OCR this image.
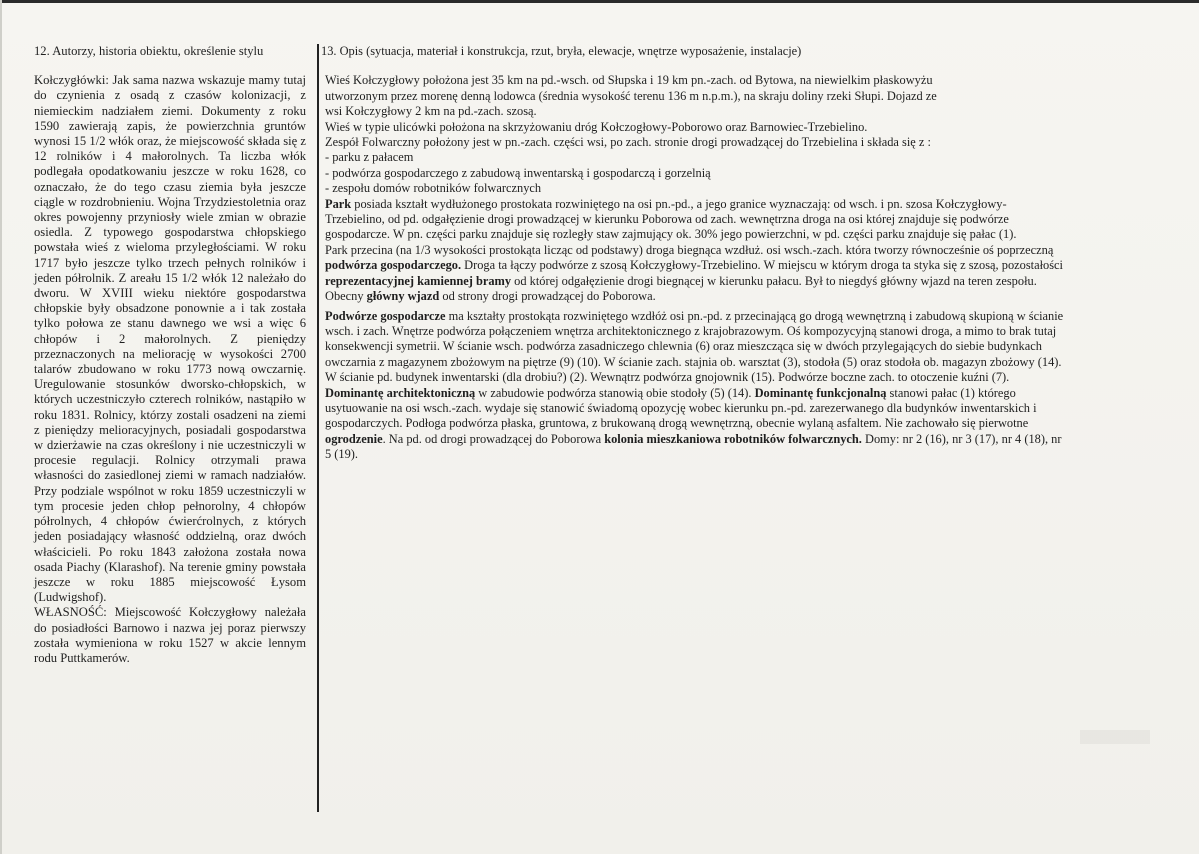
12. Autorzy, historia obiektu, określenie stylu

Kołczygłówki: Jak sama nazwa wskazuje mamy tutaj do czynienia z osadą z czasów kolonizacji, z niemieckim nadziałem ziemi. Dokumenty z roku 1590 zawierają zapis, że powierzchnia gruntów wynosi 15 1/2 włók oraz, że miejscowość składa się z 12 rolników i 4 małorolnych. Ta liczba włók podlegała opodatkowaniu jeszcze w roku 1628, co oznaczało, że do tego czasu ziemia była jeszcze ciągle w rozdrobnieniu. Wojna Trzydziestoletnia oraz okres powojenny przyniosły wiele zmian w obrazie osiedla. Z typowego gospodarstwa chłopskiego powstała wieś z wieloma przyległościami. W roku 1717 było jeszcze tylko trzech pełnych rolników i jeden półrolnik. Z areału 15 1/2 włók 12 należało do dworu. W XVIII wieku niektóre gospodarstwa chłopskie były obsadzone ponownie a i tak została tylko połowa ze stanu dawnego we wsi a więc 6 chłopów i 2 małorolnych. Z pieniędzy przeznaczonych na meliorację w wysokości 2700 talarów zbudowano w roku 1773 nową owczarnię. Uregulowanie stosunków dworsko-chłopskich, w których uczestniczyło czterech rolników, nastąpiło w roku 1831. Rolnicy, którzy zostali osadzeni na ziemi z pieniędzy melioracyjnych, posiadali gospodarstwa w dzierżawie na czas określony i nie uczestniczyli w procesie regulacji. Rolnicy otrzymali prawa własności do zasiedlonej ziemi w ramach nadziałów. Przy podziale wspólnot w roku 1859 uczestniczyli w tym procesie jeden chłop pełnorolny, 4 chłopów półrolnych, 4 chłopów ćwierćrolnych, z których jeden posiadający własność oddzielną, oraz dwóch właścicieli. Po roku 1843 założona została nowa osada Piachy (Klarashof). Na terenie gminy powstała jeszcze w roku 1885 miejscowość Łysom (Ludwigshof).

WŁASNOŚĆ: Miejscowość Kołczygłowy należała do posiadłości Barnowo i nazwa jej poraz pierwszy została wymieniona w roku 1527 w akcie lennym rodu Puttkamerów.

13. Opis (sytuacja, materiał i konstrukcja, rzut, bryła, elewacje, wnętrze wyposażenie, instalacje)

Wieś Kołczygłowy położona jest 35 km na pd.-wsch. od Słupska i 19 km pn.-zach. od Bytowa, na niewielkim płaskowyżu

utworzonym przez morenę denną lodowca (średnia wysokość terenu 136 m n.p.m.), na skraju doliny rzeki Słupi. Dojazd ze

wsi Kołczygłowy 2 km na pd.-zach. szosą.

Wieś w typie ulicówki położona na skrzyżowaniu dróg Kołczogłowy-Poborowo oraz Barnowiec-Trzebielino.

Zespół Folwarczny położony jest w pn.-zach. części wsi, po zach. stronie drogi prowadzącej do Trzebielina i składa się z :

- parku z pałacem

- podwórza gospodarczego z zabudową inwentarską i gospodarczą i gorzelnią

- zespołu domów robotników folwarcznych

Park posiada kształt wydłużonego prostokata rozwiniętego na osi pn.-pd., a jego granice wyznaczają: od wsch. i pn. szosa Kołczygłowy-Trzebielino, od pd. odgałęzienie drogi prowadzącej w kierunku Poborowa od zach. wewnętrzna droga na osi której znajduje się podwórze gospodarcze. W pn. części parku znajduje się rozległy staw zajmujący ok. 30% jego powierzchni, w pd. części parku znajduje się pałac (1).

Park przecina (na 1/3 wysokości prostokąta licząc od podstawy) droga biegnąca wzdłuż. osi wsch.-zach. która tworzy równocześnie oś poprzeczną podwórza gospodarczego. Droga ta łączy podwórze z szosą Kołczygłowy-Trzebielino. W miejscu w którym droga ta styka się z szosą, pozostałości reprezentacyjnej kamiennej bramy od której odgałęzienie drogi biegnącej w kierunku pałacu. Był to niegdyś główny wjazd na teren zespołu. Obecny główny wjazd od strony drogi prowadzącej do Poborowa.

Podwórze gospodarcze ma kształty prostokąta rozwiniętego wzdłóż osi pn.-pd. z przecinającą go drogą wewnętrzną i zabudową skupioną w ścianie wsch. i zach. Wnętrze podwórza połączeniem wnętrza architektonicznego z krajobrazowym. Oś kompozycyjną stanowi droga, a mimo to brak tutaj konsekwencji symetrii. W ścianie wsch. podwórza zasadniczego chlewnia (6) oraz mieszcząca się w dwóch przylegających do siebie budynkach owczarnia z magazynem zbożowym na piętrze (9) (10). W ścianie zach. stajnia ob. warsztat (3), stodoła (5) oraz stodoła ob. magazyn zbożowy (14). W ścianie pd. budynek inwentarski (dla drobiu?) (2). Wewnątrz podwórza gnojownik (15). Podwórze boczne zach. to otoczenie kuźni (7).

Dominantę architektoniczną w zabudowie podwórza stanowią obie stodoły (5) (14). Dominantę funkcjonalną stanowi pałac (1) którego usytuowanie na osi wsch.-zach. wydaje się stanowić świadomą opozycję wobec kierunku pn.-pd. zarezerwanego dla budynków inwentarskich i gospodarczych. Podłoga podwórza płaska, gruntowa, z brukowaną drogą wewnętrzną, obecnie wylaną asfaltem. Nie zachowało się pierwotne ogrodzenie. Na pd. od drogi prowadzącej do Poborowa kolonia mieszkaniowa robotników folwarcznych. Domy: nr 2 (16), nr 3 (17), nr 4 (18), nr 5 (19).
